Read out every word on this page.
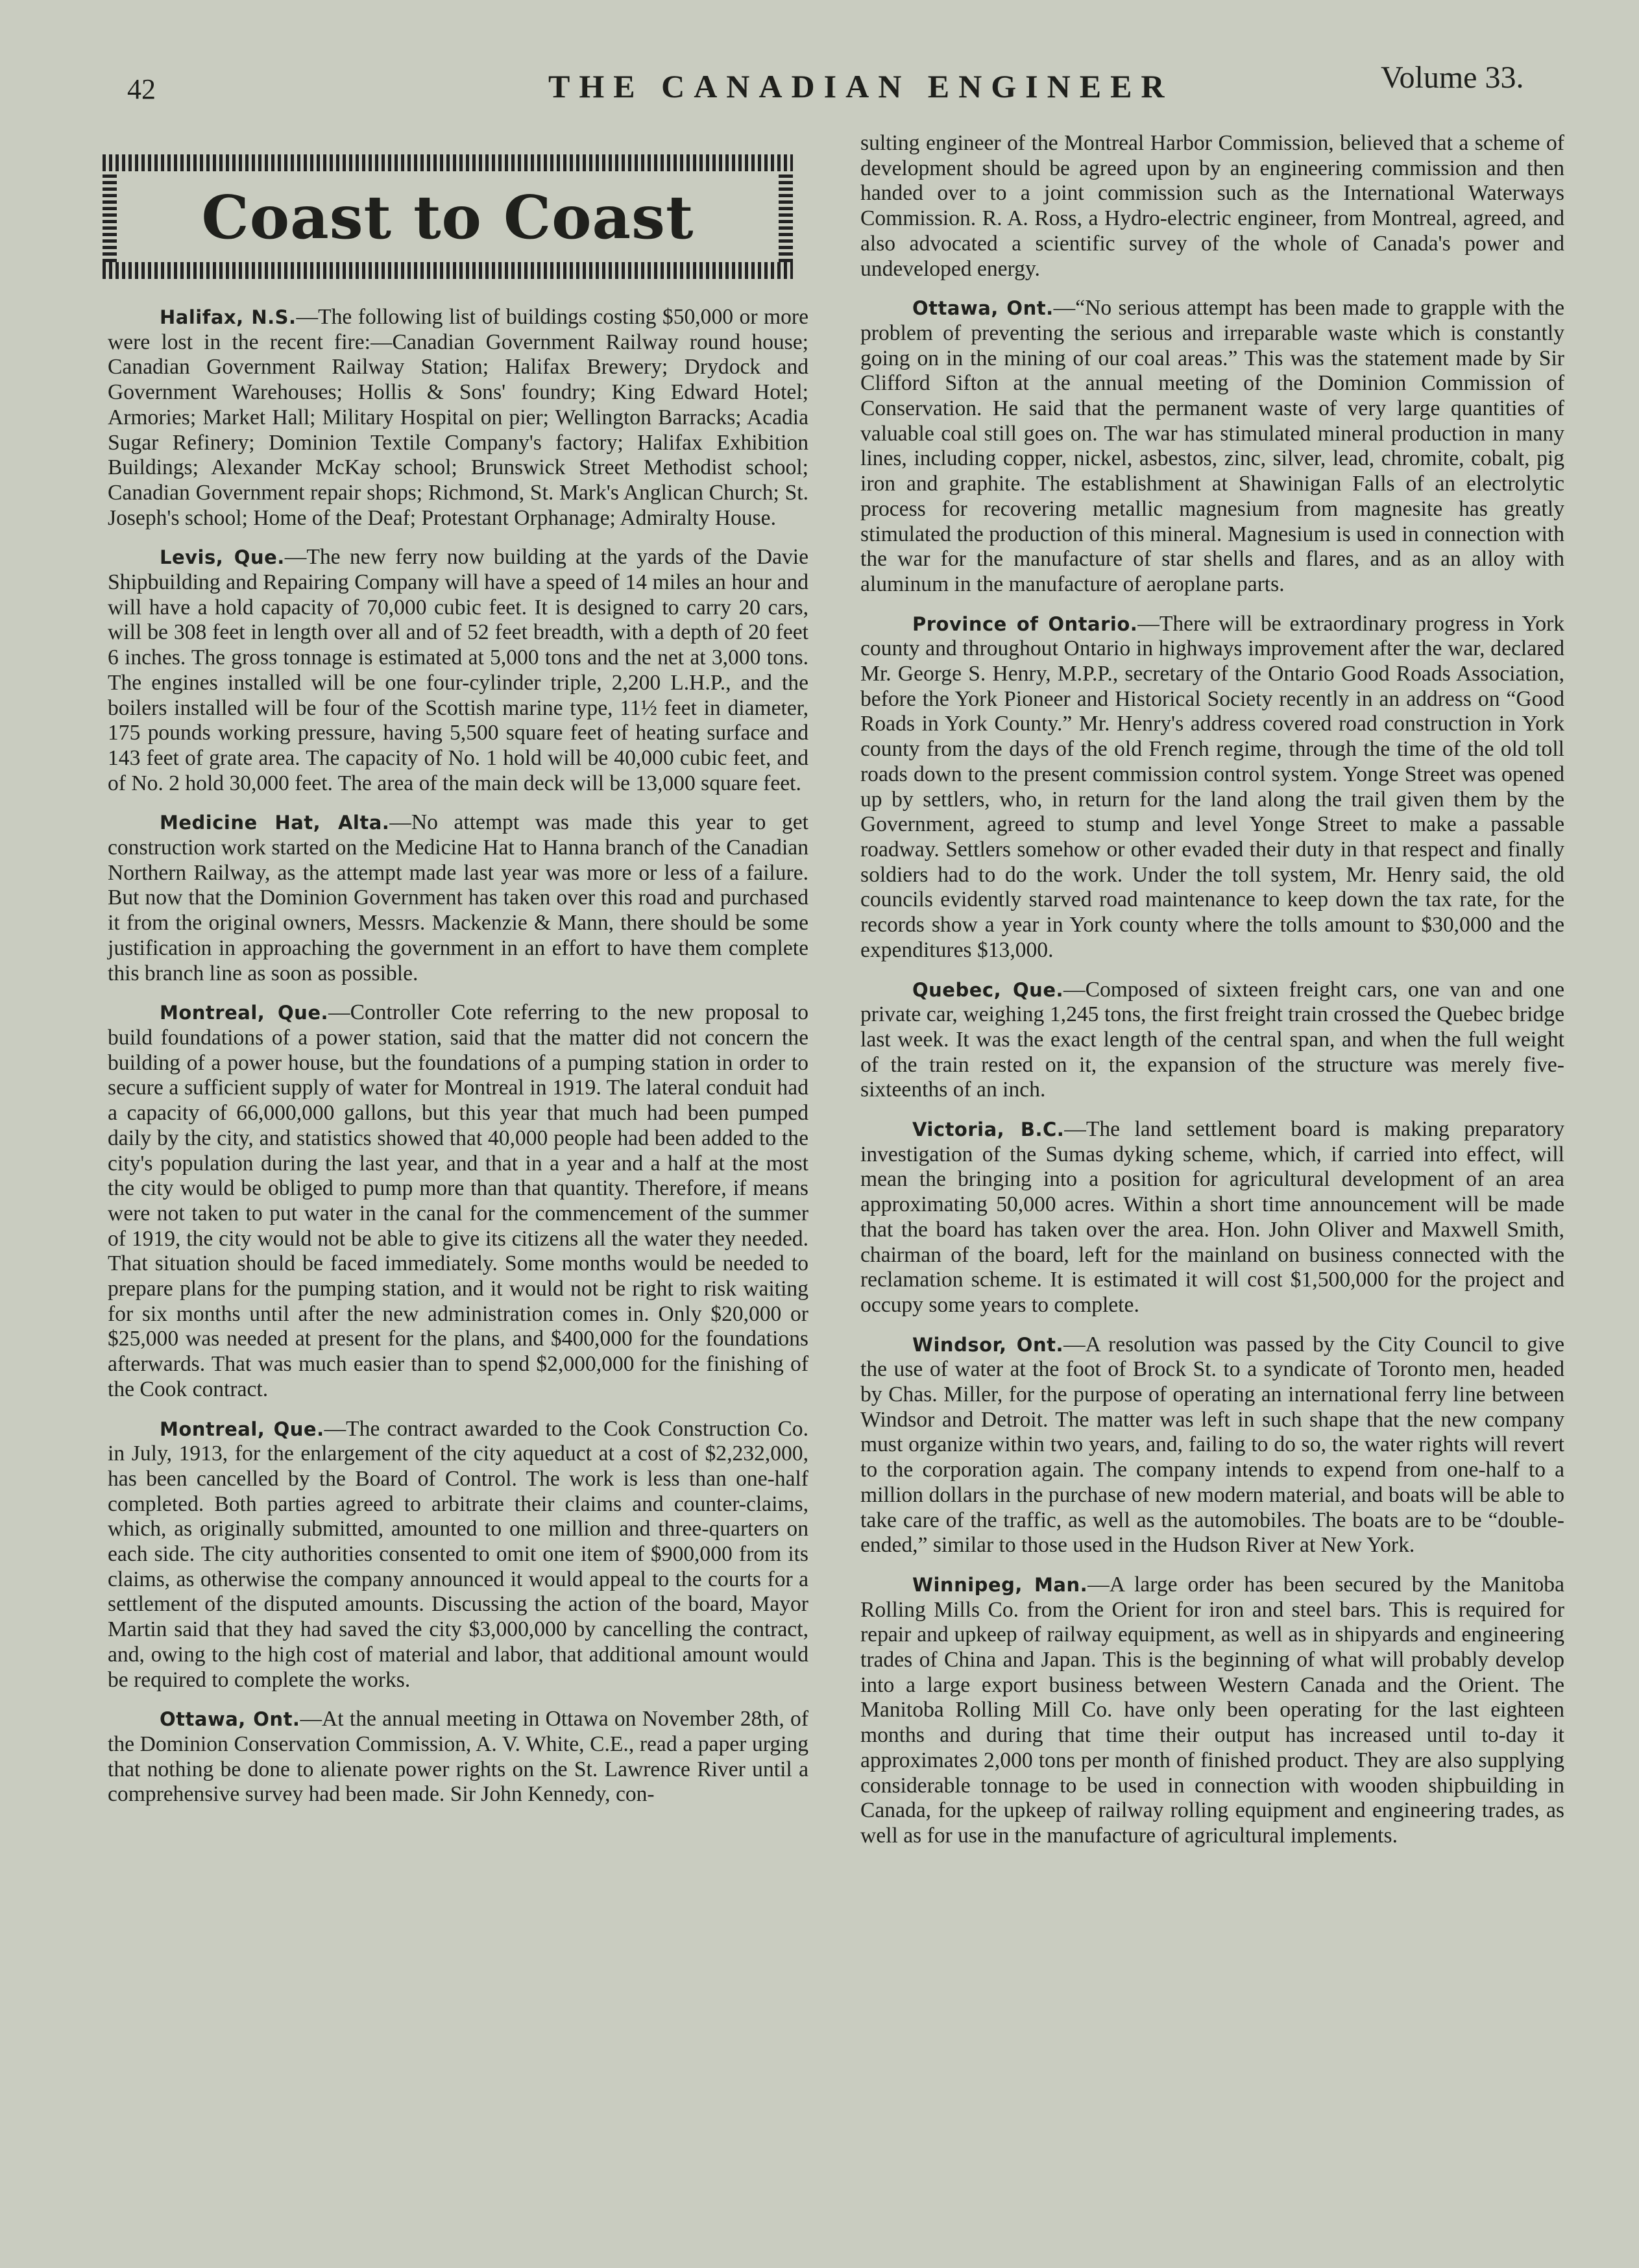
42	THE CANADIAN ENGINEER	Volume 33.
Coast to Coast

Halifax, N.S.—The following list of buildings costing $50,000 or more were lost in the recent fire:—Canadian Government Railway round house; Canadian Government Railway Station; Halifax Brewery; Drydock and Government Warehouses; Hollis & Sons' foundry; King Edward Hotel; Armories; Market Hall; Military Hospital on pier; Wellington Barracks; Acadia Sugar Refinery; Dominion Textile Company's factory; Halifax Exhibition Buildings; Alexander McKay school; Brunswick Street Methodist school; Canadian Government repair shops; Richmond, St. Mark's Anglican Church; St. Joseph's school; Home of the Deaf; Protestant Orphanage; Admiralty House.

Levis, Que.—The new ferry now building at the yards of the Davie Shipbuilding and Repairing Company will have a speed of 14 miles an hour and will have a hold capacity of 70,000 cubic feet. It is designed to carry 20 cars, will be 308 feet in length over all and of 52 feet breadth, with a depth of 20 feet 6 inches. The gross tonnage is estimated at 5,000 tons and the net at 3,000 tons. The engines installed will be one four-cylinder triple, 2,200 L.H.P., and the boilers installed will be four of the Scottish marine type, 11½ feet in diameter, 175 pounds working pressure, having 5,500 square feet of heating surface and 143 feet of grate area. The capacity of No. 1 hold will be 40,000 cubic feet, and of No. 2 hold 30,000 feet. The area of the main deck will be 13,000 square feet.

Medicine Hat, Alta.—No attempt was made this year to get construction work started on the Medicine Hat to Hanna branch of the Canadian Northern Railway, as the attempt made last year was more or less of a failure. But now that the Dominion Government has taken over this road and purchased it from the original owners, Messrs. Mackenzie & Mann, there should be some justification in approaching the government in an effort to have them complete this branch line as soon as possible.

Montreal, Que.—Controller Cote referring to the new proposal to build foundations of a power station, said that the matter did not concern the building of a power house, but the foundations of a pumping station in order to secure a sufficient supply of water for Montreal in 1919. The lateral conduit had a capacity of 66,000,000 gallons, but this year that much had been pumped daily by the city, and statistics showed that 40,000 people had been added to the city's population during the last year, and that in a year and a half at the most the city would be obliged to pump more than that quantity. Therefore, if means were not taken to put water in the canal for the commencement of the summer of 1919, the city would not be able to give its citizens all the water they needed. That situation should be faced immediately. Some months would be needed to prepare plans for the pumping station, and it would not be right to risk waiting for six months until after the new administration comes in. Only $20,000 or $25,000 was needed at present for the plans, and $400,000 for the foundations afterwards. That was much easier than to spend $2,000,000 for the finishing of the Cook contract.

Montreal, Que.—The contract awarded to the Cook Construction Co. in July, 1913, for the enlargement of the city aqueduct at a cost of $2,232,000, has been cancelled by the Board of Control. The work is less than one-half completed. Both parties agreed to arbitrate their claims and counter-claims, which, as originally submitted, amounted to one million and three-quarters on each side. The city authorities consented to omit one item of $900,000 from its claims, as otherwise the company announced it would appeal to the courts for a settlement of the disputed amounts. Discussing the action of the board, Mayor Martin said that they had saved the city $3,000,000 by cancelling the contract, and, owing to the high cost of material and labor, that additional amount would be required to complete the works.

Ottawa, Ont.—At the annual meeting in Ottawa on November 28th, of the Dominion Conservation Commission, A. V. White, C.E., read a paper urging that nothing be done to alienate power rights on the St. Lawrence River until a comprehensive survey had been made. Sir John Kennedy, con-

sulting engineer of the Montreal Harbor Commission, believed that a scheme of development should be agreed upon by an engineering commission and then handed over to a joint commission such as the International Waterways Commission. R. A. Ross, a Hydro-electric engineer, from Montreal, agreed, and also advocated a scientific survey of the whole of Canada's power and undeveloped energy.

Ottawa, Ont.—“No serious attempt has been made to grapple with the problem of preventing the serious and irreparable waste which is constantly going on in the mining of our coal areas.” This was the statement made by Sir Clifford Sifton at the annual meeting of the Dominion Commission of Conservation. He said that the permanent waste of very large quantities of valuable coal still goes on. The war has stimulated mineral production in many lines, including copper, nickel, asbestos, zinc, silver, lead, chromite, cobalt, pig iron and graphite. The establishment at Shawinigan Falls of an electrolytic process for recovering metallic magnesium from magnesite has greatly stimulated the production of this mineral. Magnesium is used in connection with the war for the manufacture of star shells and flares, and as an alloy with aluminum in the manufacture of aeroplane parts.

Province of Ontario.—There will be extraordinary progress in York county and throughout Ontario in highways improvement after the war, declared Mr. George S. Henry, M.P.P., secretary of the Ontario Good Roads Association, before the York Pioneer and Historical Society recently in an address on “Good Roads in York County.” Mr. Henry's address covered road construction in York county from the days of the old French regime, through the time of the old toll roads down to the present commission control system. Yonge Street was opened up by settlers, who, in return for the land along the trail given them by the Government, agreed to stump and level Yonge Street to make a passable roadway. Settlers somehow or other evaded their duty in that respect and finally soldiers had to do the work. Under the toll system, Mr. Henry said, the old councils evidently starved road maintenance to keep down the tax rate, for the records show a year in York county where the tolls amount to $30,000 and the expenditures $13,000.

Quebec, Que.—Composed of sixteen freight cars, one van and one private car, weighing 1,245 tons, the first freight train crossed the Quebec bridge last week. It was the exact length of the central span, and when the full weight of the train rested on it, the expansion of the structure was merely five-sixteenths of an inch.

Victoria, B.C.—The land settlement board is making preparatory investigation of the Sumas dyking scheme, which, if carried into effect, will mean the bringing into a position for agricultural development of an area approximating 50,000 acres. Within a short time announcement will be made that the board has taken over the area. Hon. John Oliver and Maxwell Smith, chairman of the board, left for the mainland on business connected with the reclamation scheme. It is estimated it will cost $1,500,000 for the project and occupy some years to complete.

Windsor, Ont.—A resolution was passed by the City Council to give the use of water at the foot of Brock St. to a syndicate of Toronto men, headed by Chas. Miller, for the purpose of operating an international ferry line between Windsor and Detroit. The matter was left in such shape that the new company must organize within two years, and, failing to do so, the water rights will revert to the corporation again. The company intends to expend from one-half to a million dollars in the purchase of new modern material, and boats will be able to take care of the traffic, as well as the automobiles. The boats are to be “double-ended,” similar to those used in the Hudson River at New York.

Winnipeg, Man.—A large order has been secured by the Manitoba Rolling Mills Co. from the Orient for iron and steel bars. This is required for repair and upkeep of railway equipment, as well as in shipyards and engineering trades of China and Japan. This is the beginning of what will probably develop into a large export business between Western Canada and the Orient. The Manitoba Rolling Mill Co. have only been operating for the last eighteen months and during that time their output has increased until to-day it approximates 2,000 tons per month of finished product. They are also supplying considerable tonnage to be used in connection with wooden shipbuilding in Canada, for the upkeep of railway rolling equipment and engineering trades, as well as for use in the manufacture of agricultural implements.
